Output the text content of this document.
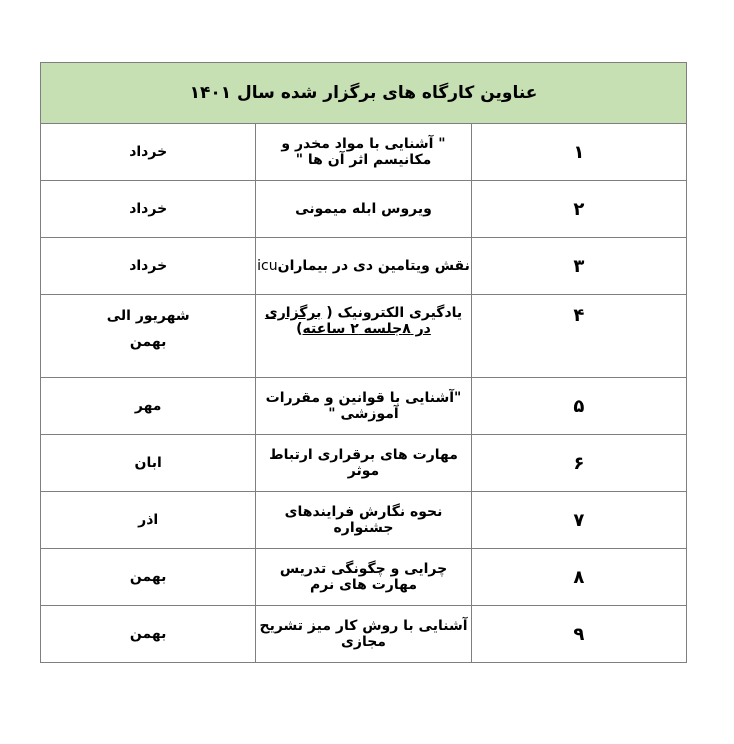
عناوین کارگاه های برگزار شده سال ۱۴۰۱		
۱	" آشنایی با مواد مخدر و مکانیسم اثر آن ها "	خرداد
۲	ویروس ابله میمونی	خرداد
۳	نقش ویتامین دی در بیمارانicu	خرداد
۴	یادگیری الکترونیک ( برگزاری در ۸جلسه ۲ ساعته)	شهریور الی
بهمن

۵	"آشنایی با قوانین و مقررات آموزشی "	مهر
۶	مهارت های برقراری ارتباط موثر	ابان
۷	نحوه نگارش فرایندهای جشنواره	اذر
۸	چرایی و چگونگی تدریس مهارت های نرم	بهمن
۹	آشنایی با روش کار میز تشریح مجازی	بهمن
